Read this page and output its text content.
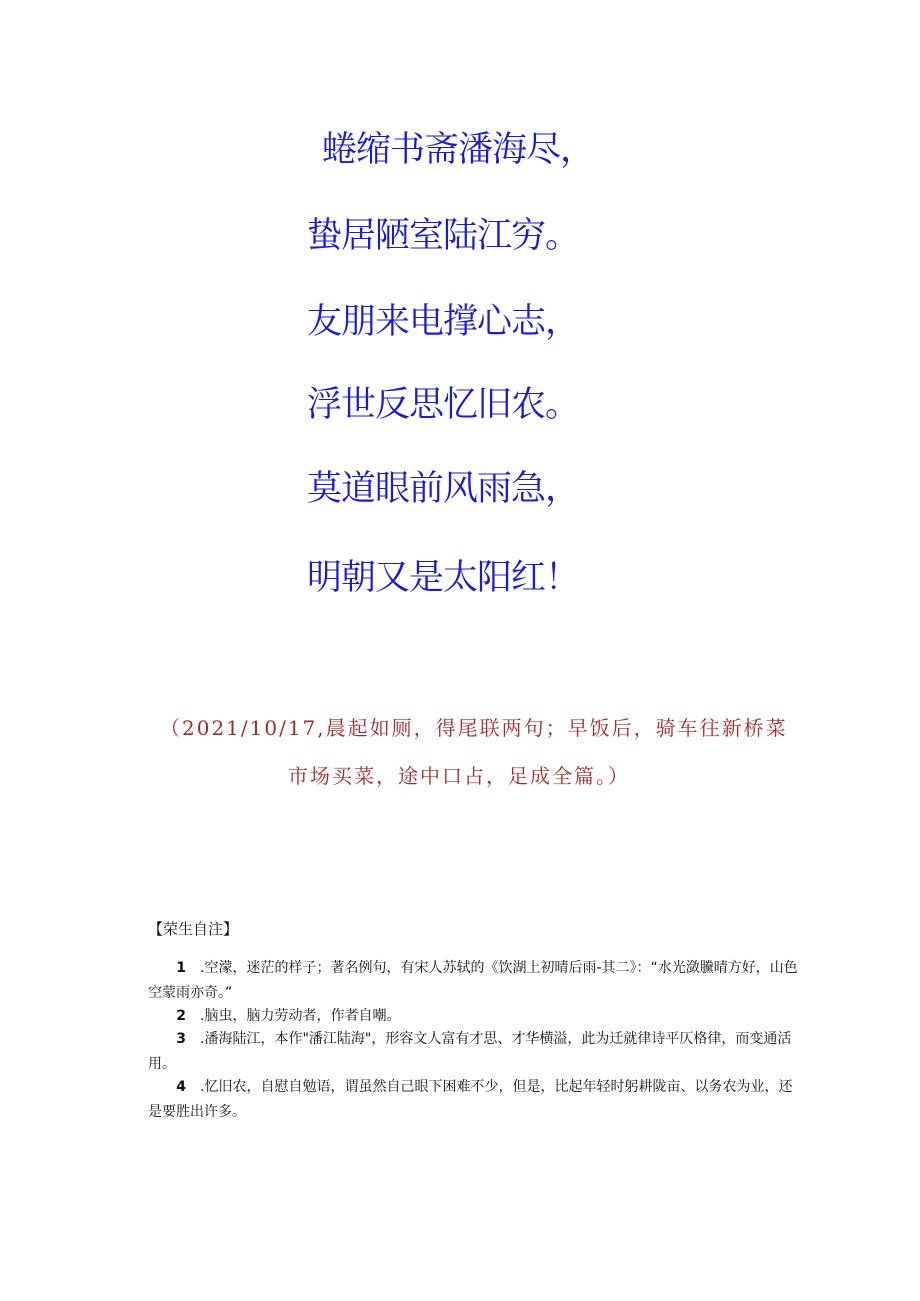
蜷缩书斋潘海尽，
蛰居陋室陆江穷。
友朋来电撑心志，
浮世反思忆旧农。
莫道眼前风雨急，
明朝又是太阳红！
（2021/10/17,晨起如厕，得尾联两句；早饭后，骑车往新桥菜
市场买菜，途中口占，足成全篇。）
【荣生自注】
1 .空濛，迷茫的样子；著名例句，有宋人苏轼的《饮湖上初晴后雨-其二》：“水光潋黱晴方好，山色空蒙雨亦奇。”
2 .脑虫，脑力劳动者，作者自嘲。
3 .潘海陆江，本作"潘江陆海"，形容文人富有才思、才华横溢，此为迁就律诗平仄格律，而变通活用。
4 .忆旧农，自慰自勉语，谓虽然自己眼下困难不少，但是，比起年轻时躬耕陇亩、以务农为业，还是要胜出许多。
